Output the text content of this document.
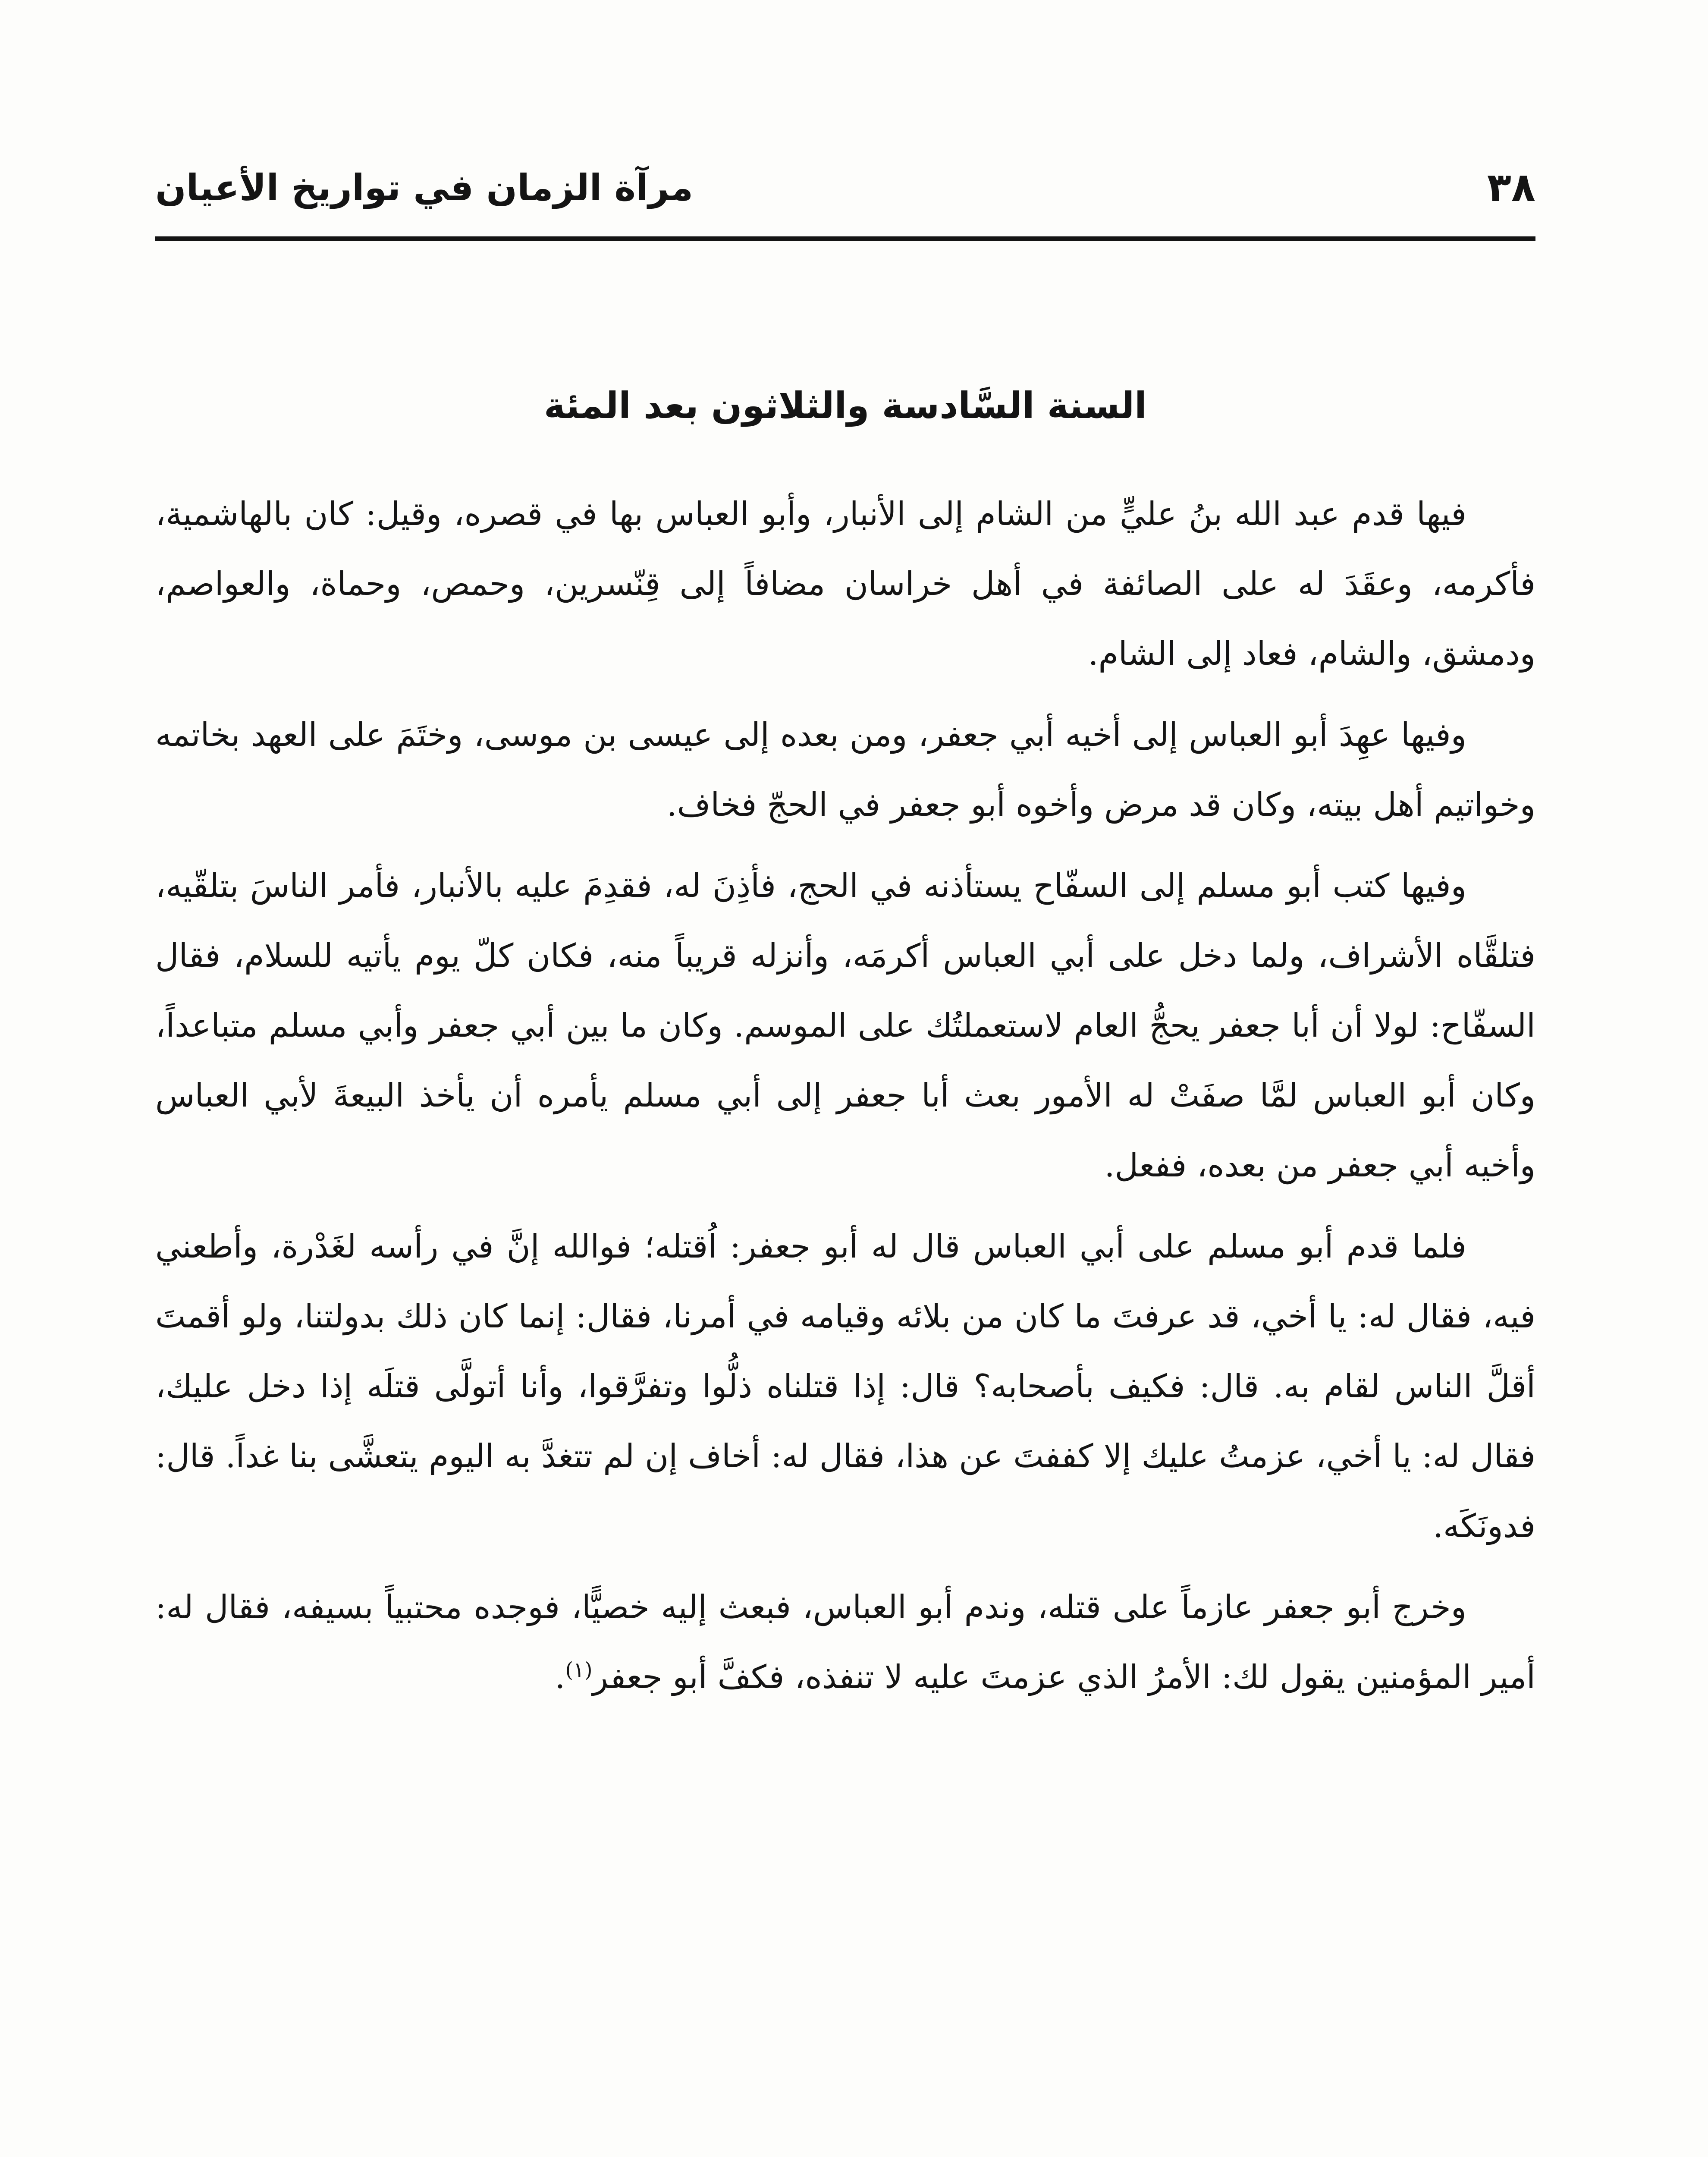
٣٨
مرآة الزمان في تواريخ الأعيان
السنة السَّادسة والثلاثون بعد المئة

فيها قدم عبد الله بنُ عليٍّ من الشام إلى الأنبار، وأبو العباس بها في قصره، وقيل: كان بالهاشمية، فأكرمه، وعقَدَ له على الصائفة في أهل خراسان مضافاً إلى قِنّسرين، وحمص، وحماة، والعواصم، ودمشق، والشام، فعاد إلى الشام.

وفيها عهِدَ أبو العباس إلى أخيه أبي جعفر، ومن بعده إلى عيسى بن موسى، وختَمَ على العهد بخاتمه وخواتيم أهل بيته، وكان قد مرض وأخوه أبو جعفر في الحجّ فخاف.

وفيها كتب أبو مسلم إلى السفّاح يستأذنه في الحج، فأذِنَ له، فقدِمَ عليه بالأنبار، فأمر الناسَ بتلقّيه، فتلقَّاه الأشراف، ولما دخل على أبي العباس أكرمَه، وأنزله قريباً منه، فكان كلّ يوم يأتيه للسلام، فقال السفّاح: لولا أن أبا جعفر يحجُّ العام لاستعملتُك على الموسم. وكان ما بين أبي جعفر وأبي مسلم متباعداً، وكان أبو العباس لمَّا صفَتْ له الأمور بعث أبا جعفر إلى أبي مسلم يأمره أن يأخذ البيعةَ لأبي العباس وأخيه أبي جعفر من بعده، ففعل.

فلما قدم أبو مسلم على أبي العباس قال له أبو جعفر: اُقتله؛ فوالله إنَّ في رأسه لغَدْرة، وأطعني فيه، فقال له: يا أخي، قد عرفتَ ما كان من بلائه وقيامه في أمرنا، فقال: إنما كان ذلك بدولتنا، ولو أقمتَ أقلَّ الناس لقام به. قال: فكيف بأصحابه؟ قال: إذا قتلناه ذلُّوا وتفرَّقوا، وأنا أتولَّى قتلَه إذا دخل عليك، فقال له: يا أخي، عزمتُ عليك إلا كففتَ عن هذا، فقال له: أخاف إن لم تتغدَّ به اليوم يتعشَّى بنا غداً. قال: فدونَكَه.

وخرج أبو جعفر عازماً على قتله، وندم أبو العباس، فبعث إليه خصيًّا، فوجده محتبياً بسيفه، فقال له: أمير المؤمنين يقول لك: الأمرُ الذي عزمتَ عليه لا تنفذه، فكفَّ أبو جعفر$^{(١)}$.
